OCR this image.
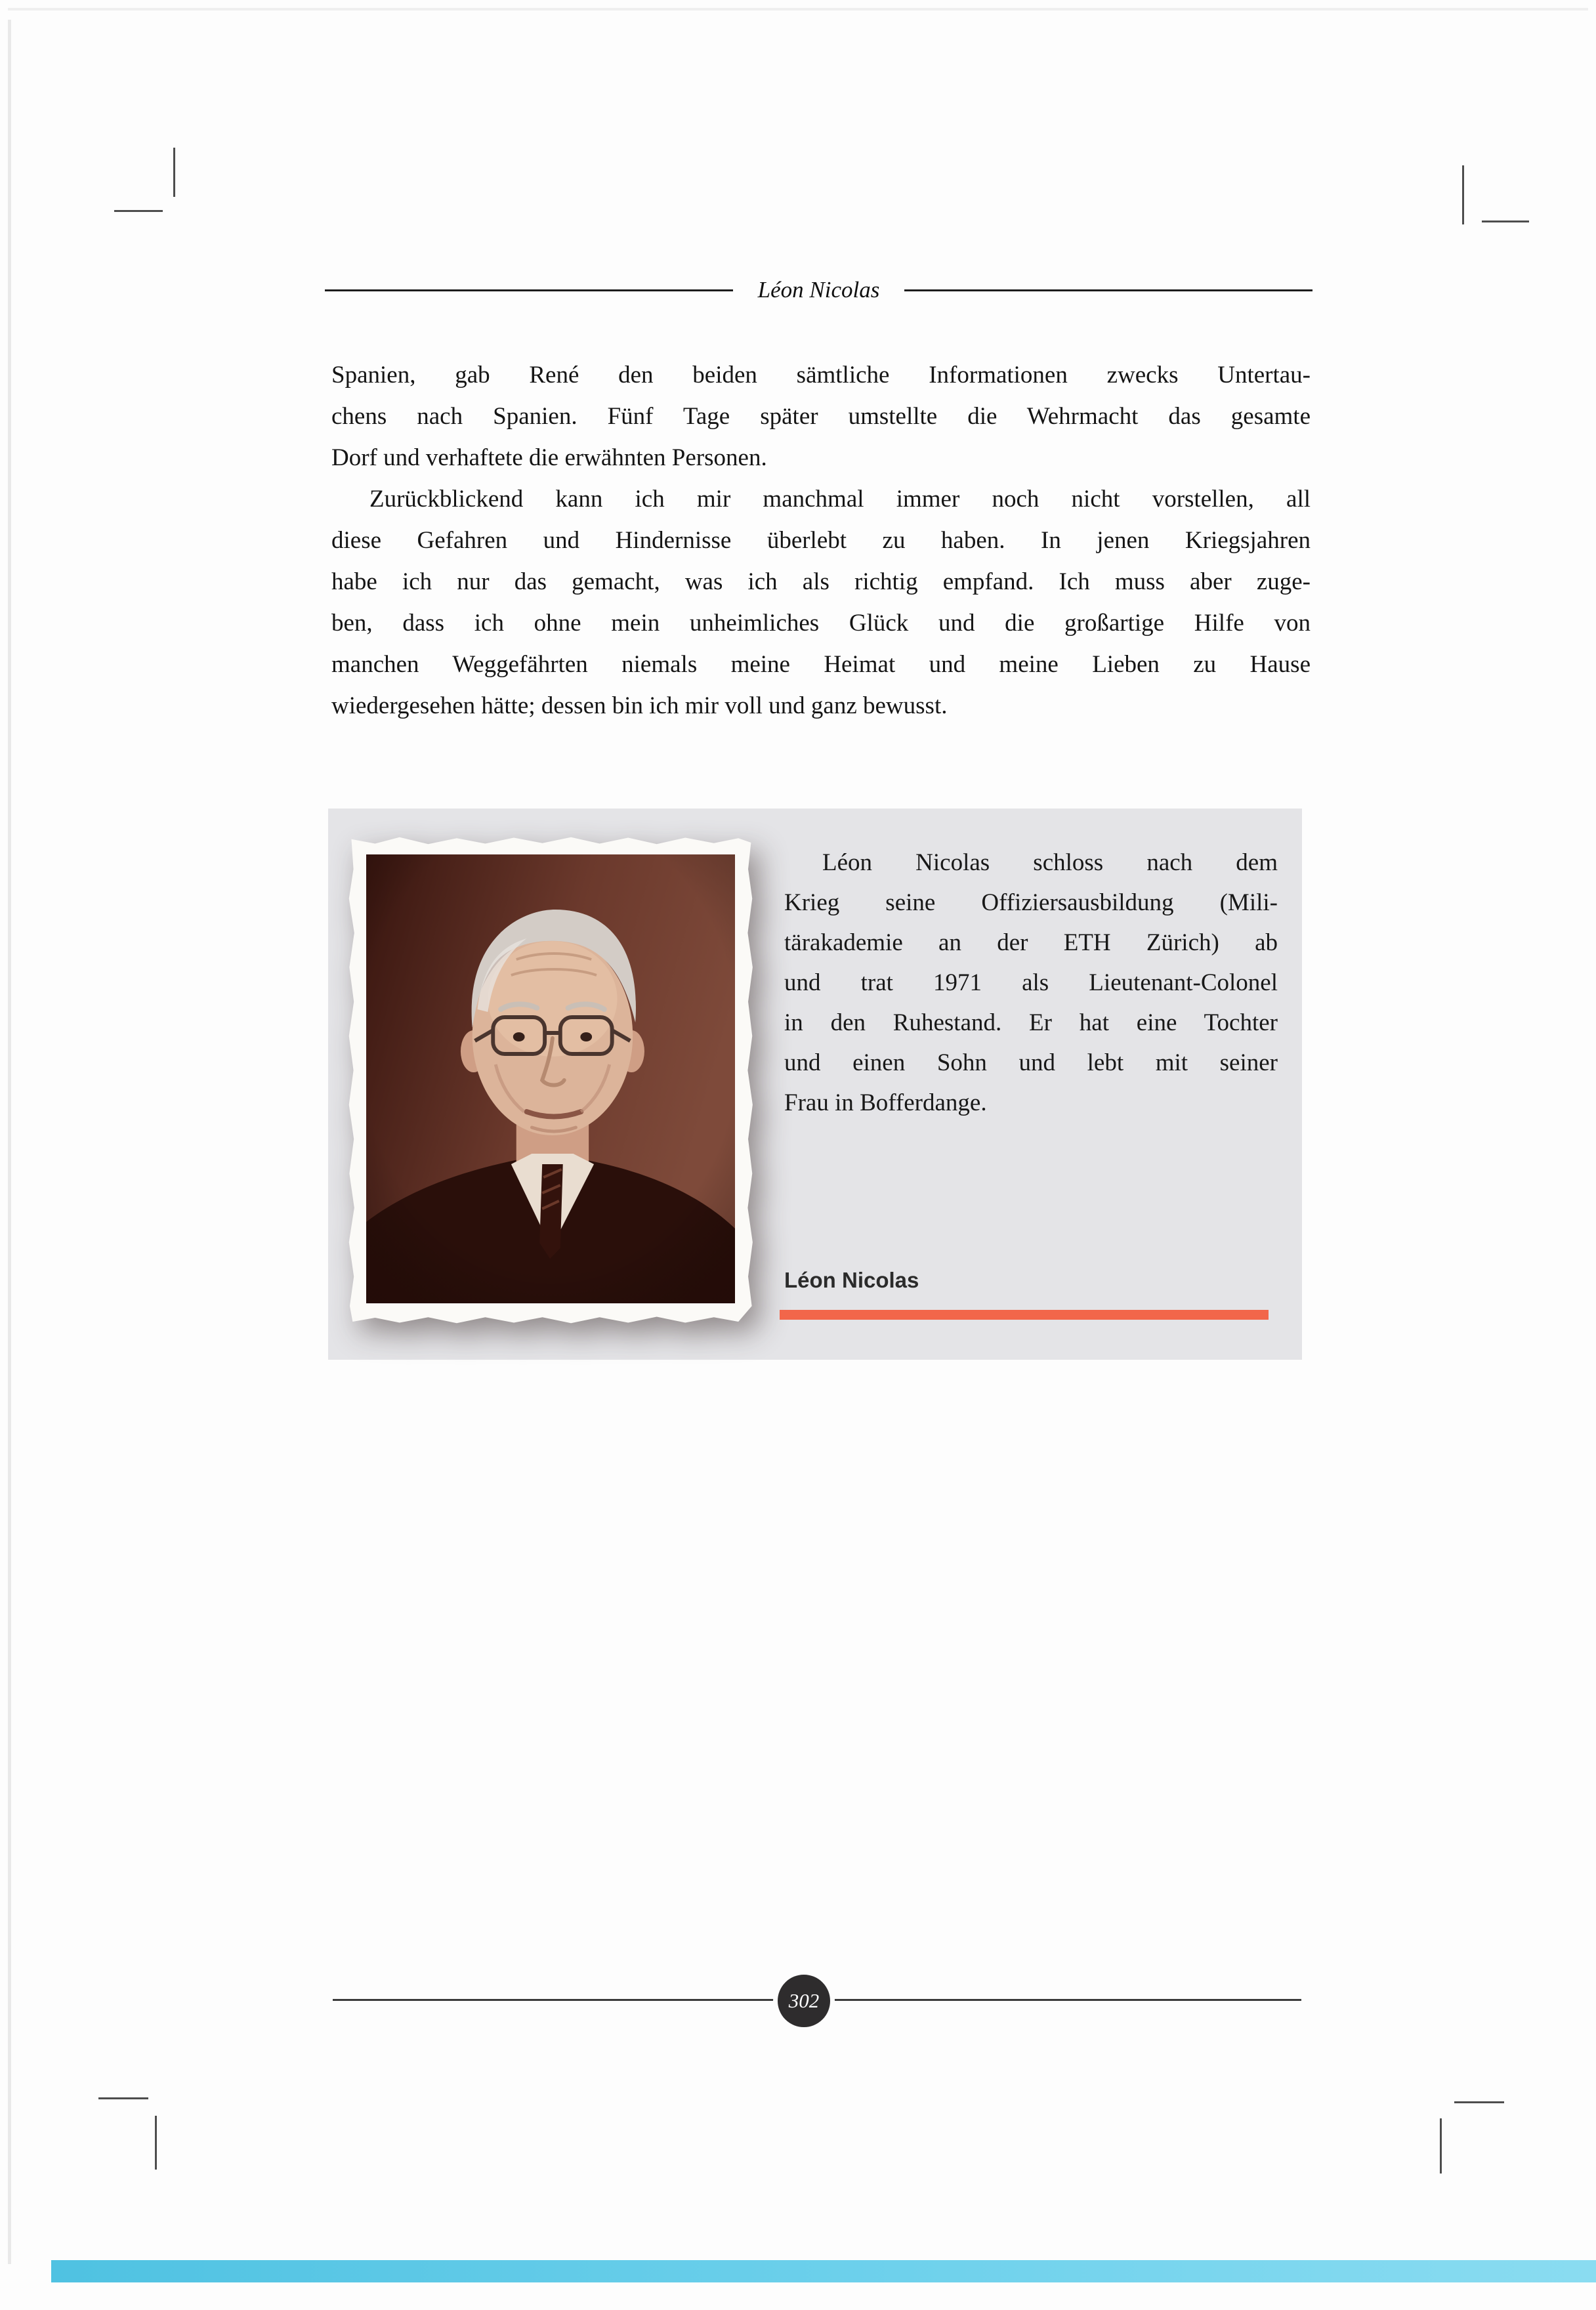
Léon Nicolas
Spanien, gab René den beiden sämtliche Informationen zwecks Untertau-
chens nach Spanien. Fünf Tage später umstellte die Wehrmacht das gesamte
Dorf und verhaftete die erwähnten Personen.
Zurückblickend kann ich mir manchmal immer noch nicht vorstellen, all
diese Gefahren und Hindernisse überlebt zu haben. In jenen Kriegsjahren
habe ich nur das gemacht, was ich als richtig empfand. Ich muss aber zuge-
ben, dass ich ohne mein unheimliches Glück und die großartige Hilfe von
manchen Weggefährten niemals meine Heimat und meine Lieben zu Hause
wiedergesehen hätte; dessen bin ich mir voll und ganz bewusst.
Léon Nicolas schloss nach dem
Krieg seine Offiziersausbildung (Mili-
tärakademie an der ETH Zürich) ab
und trat 1971 als Lieutenant-Colonel
in den Ruhestand. Er hat eine Tochter
und einen Sohn und lebt mit seiner
Frau in Bofferdange.
Léon Nicolas
302
